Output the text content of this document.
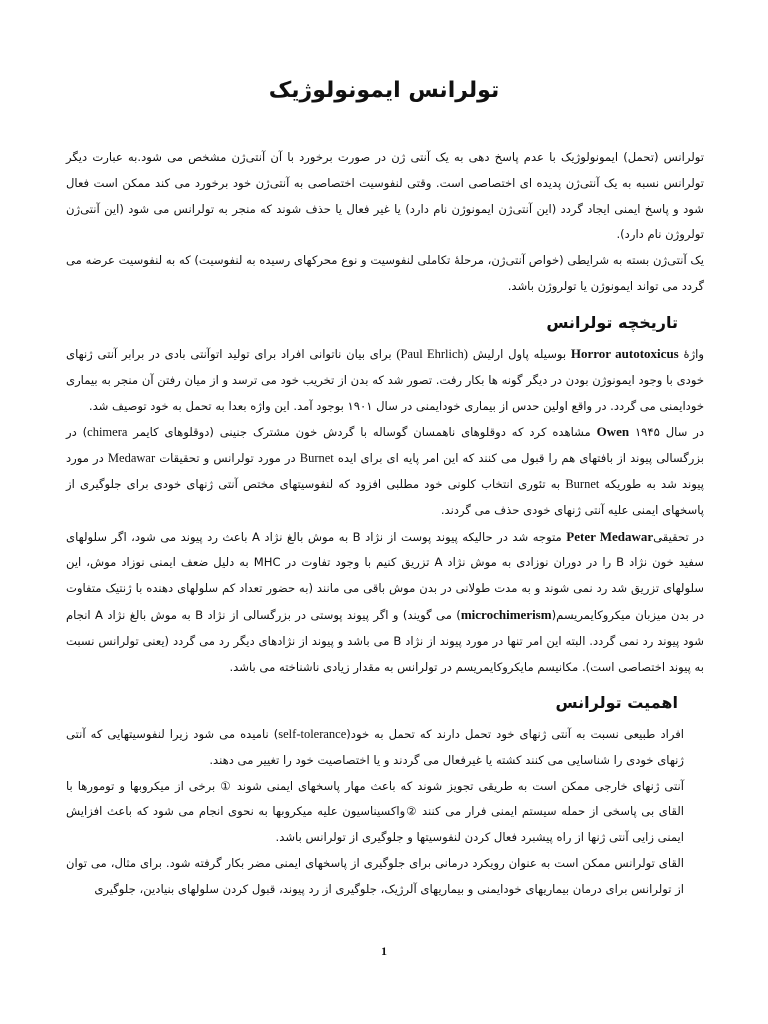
تولرانس ایمونولوژیک

تولرانس (تحمل) ایمونولوژیک با عدم پاسخ دهی به یک آنتی ژن در صورت برخورد با آن آنتی‌ژن مشخص می شود.به عبارت دیگر تولرانس نسبه به یک آنتی‌ژن پدیده ای اختصاصی است. وقتی لنفوسیت اختصاصی به آنتی‌ژن خود برخورد می کند ممکن است فعال شود و پاسخ ایمنی ایجاد گردد (این آنتی‌ژن ایمونوژن نام دارد) یا غیر فعال یا حذف شوند که منجر به تولرانس می شود (این آنتی‌ژن تولروژن نام دارد).

یک آنتی‌ژن بسته به شرایطی (خواص آنتی‌ژن، مرحلهٔ تکاملی لنفوسیت و نوع محرکهای رسیده به لنفوسیت) که به لنفوسیت عرضه می گردد می تواند ایمونوژن یا تولروژن باشد.

تاریخچه تولرانس

واژهٔ Horror autotoxicus بوسیله پاول ارلیش (Paul Ehrlich) برای بیان ناتوانی افراد برای تولید اتوآنتی بادی در برابر آنتی ژنهای خودی با وجود ایمونوژن بودن در دیگر گونه ها بکار رفت. تصور شد که بدن از تخریب خود می ترسد و از میان رفتن آن منجر به بیماری خودایمنی می گردد. در واقع اولین حدس از بیماری خودایمنی در سال ۱۹۰۱ بوجود آمد. این واژه بعدا به تحمل به خود توصیف شد.

در سال ۱۹۴۵ Owen مشاهده کرد که دوقلوهای ناهمسان گوساله با گردش خون مشترک جنینی (دوقلوهای کایمر chimera) در بزرگسالی پیوند از بافتهای هم را قبول می کنند که این امر پایه ای برای ایده Burnet در مورد تولرانس و تحقیقات Medawar در مورد پیوند شد به طوریکه Burnet به تئوری انتخاب کلونی خود مطلبی افزود که لنفوسیتهای مختص آنتی ژنهای خودی برای جلوگیری از پاسخهای ایمنی علیه آنتی ژنهای خودی حذف می گردند.

در تحقیقیPeter Medawar متوجه شد در حالیکه پیوند پوست از نژاد B به موش بالغ نژاد A باعث رد پیوند می شود، اگر سلولهای سفید خون نژاد B را در دوران نوزادی به موش نژاد A تزریق کنیم با وجود تفاوت در MHC به دلیل ضعف ایمنی نوزاد موش، این سلولهای تزریق شد رد نمی شوند و به مدت طولانی در بدن موش باقی می مانند (به حضور تعداد کم سلولهای دهنده با ژنتیک متفاوت در بدن میزبان میکروکایمریسم(microchimerism) می گویند) و اگر پیوند پوستی در بزرگسالی از نژاد B به موش بالغ نژاد A انجام شود پیوند رد نمی گردد. البته این امر تنها در مورد پیوند از نژاد B می باشد و پیوند از نژادهای دیگر رد می گردد (یعنی تولرانس نسبت به پیوند اختصاصی است). مکانیسم مایکروکایمریسم در تولرانس به مقدار زیادی ناشناخته می باشد.

اهمیت تولرانس

افراد طبیعی نسبت به آنتی ژنهای خود تحمل دارند که تحمل به خود(self-tolerance) نامیده می شود زیرا لنفوسیتهایی که آنتی ژنهای خودی را شناسایی می کنند کشته یا غیرفعال می گردند و یا اختصاصیت خود را تغییر می دهند.

آنتی ژنهای خارجی ممکن است به طریقی تجویز شوند که باعث مهار پاسخهای ایمنی شوند ① برخی از میکروبها و تومورها با القای بی پاسخی از حمله سیستم ایمنی فرار می کنند ②واکسیناسیون علیه میکروبها به نحوی انجام می شود که باعث افزایش ایمنی زایی آنتی ژنها از راه پیشبرد فعال کردن لنفوسیتها و جلوگیری از تولرانس باشد.

القای تولرانس ممکن است به عنوان رویکرد درمانی برای جلوگیری از پاسخهای ایمنی مضر بکار گرفته شود. برای مثال، می توان از تولرانس برای درمان بیماریهای خودایمنی و بیماریهای آلرژیک، جلوگیری از رد پیوند، قبول کردن سلولهای بنیادین، جلوگیری

1
